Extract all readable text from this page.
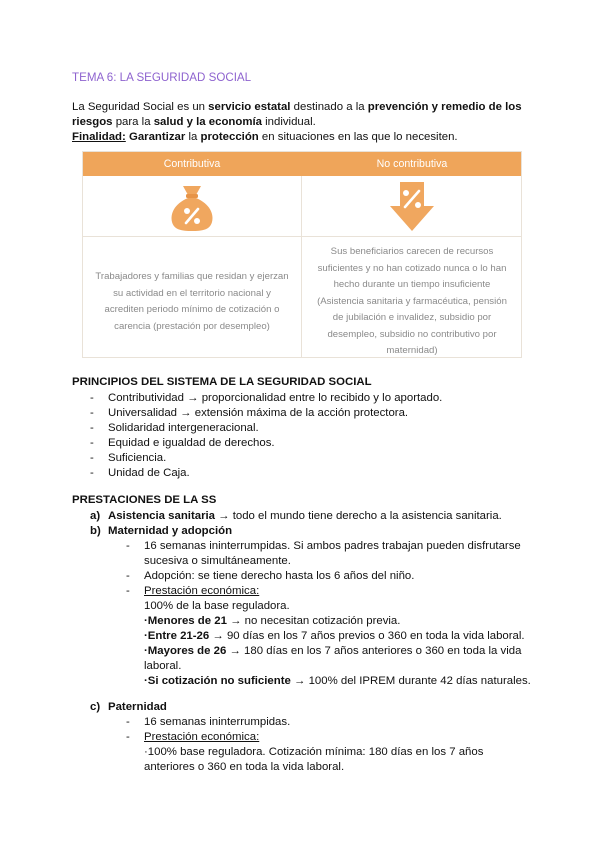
TEMA 6: LA SEGURIDAD SOCIAL
La Seguridad Social es un servicio estatal destinado a la prevención y remedio de los
riesgos para la salud y la economía individual.
Finalidad: Garantizar la protección en situaciones en las que lo necesiten.
Contributiva	No contributiva
Trabajadores y familias que residan y ejerzan
su actividad en el territorio nacional y
acrediten periodo mínimo de cotización o
carencia (prestación por desempleo)
Sus beneficiarios carecen de recursos
suficientes y no han cotizado nunca o lo han
hecho durante un tiempo insuficiente
(Asistencia sanitaria y farmacéutica, pensión
de jubilación e invalidez, subsidio por
desempleo, subsidio no contributivo por
maternidad)
PRINCIPIOS DEL SISTEMA DE LA SEGURIDAD SOCIAL
- Contributividad → proporcionalidad entre lo recibido y lo aportado.
- Universalidad → extensión máxima de la acción protectora.
- Solidaridad intergeneracional.
- Equidad e igualdad de derechos.
- Suficiencia.
- Unidad de Caja.
PRESTACIONES DE LA SS
a) Asistencia sanitaria → todo el mundo tiene derecho a la asistencia sanitaria.
b) Maternidad y adopción
- 16 semanas ininterrumpidas. Si ambos padres trabajan pueden disfrutarse
sucesiva o simultáneamente.
- Adopción: se tiene derecho hasta los 6 años del niño.
- Prestación económica:
100% de la base reguladora.
·Menores de 21 → no necesitan cotización previa.
·Entre 21-26 → 90 días en los 7 años previos o 360 en toda la vida laboral.
·Mayores de 26 → 180 días en los 7 años anteriores o 360 en toda la vida
laboral.
·Si cotización no suficiente → 100% del IPREM durante 42 días naturales.
c) Paternidad
- 16 semanas ininterrumpidas.
- Prestación económica:
·100% base reguladora. Cotización mínima: 180 días en los 7 años
anteriores o 360 en toda la vida laboral.
